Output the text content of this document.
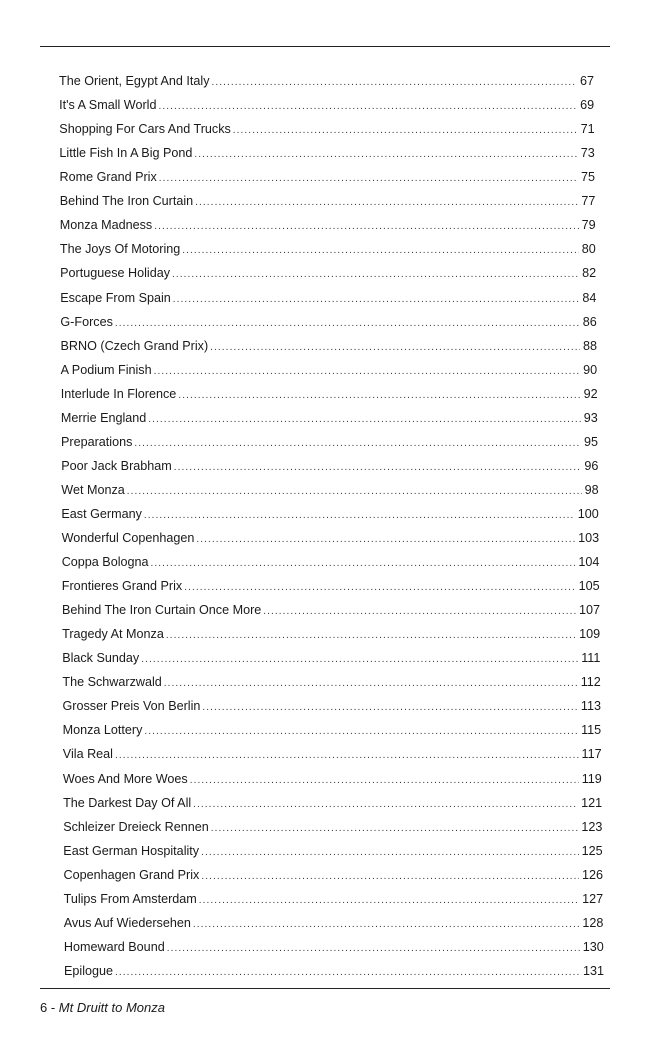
The Orient, Egypt And Italy .....	67
It's A Small World .....	69
Shopping For Cars And Trucks .....	71
Little Fish In A Big Pond .....	73
Rome Grand Prix .....	75
Behind The Iron Curtain .....	77
Monza Madness .....	79
The Joys Of Motoring .....	80
Portuguese Holiday .....	82
Escape From Spain .....	84
G-Forces .....	86
BRNO (Czech Grand Prix) .....	88
A Podium Finish .....	90
Interlude In Florence .....	92
Merrie England .....	93
Preparations .....	95
Poor Jack Brabham .....	96
Wet Monza .....	98
East Germany .....	100
Wonderful Copenhagen .....	103
Coppa Bologna .....	104
Frontieres Grand Prix .....	105
Behind The Iron Curtain Once More .....	107
Tragedy At Monza .....	109
Black Sunday .....	111
The Schwarzwald .....	112
Grosser Preis Von Berlin .....	113
Monza Lottery .....	115
Vila Real .....	117
Woes And More Woes .....	119
The Darkest Day Of All .....	121
Schleizer Dreieck Rennen .....	123
East German Hospitality .....	125
Copenhagen Grand Prix .....	126
Tulips From Amsterdam .....	127
Avus Auf Wiedersehen .....	128
Homeward Bound .....	130
Epilogue .....	131
6 - Mt Druitt to Monza
